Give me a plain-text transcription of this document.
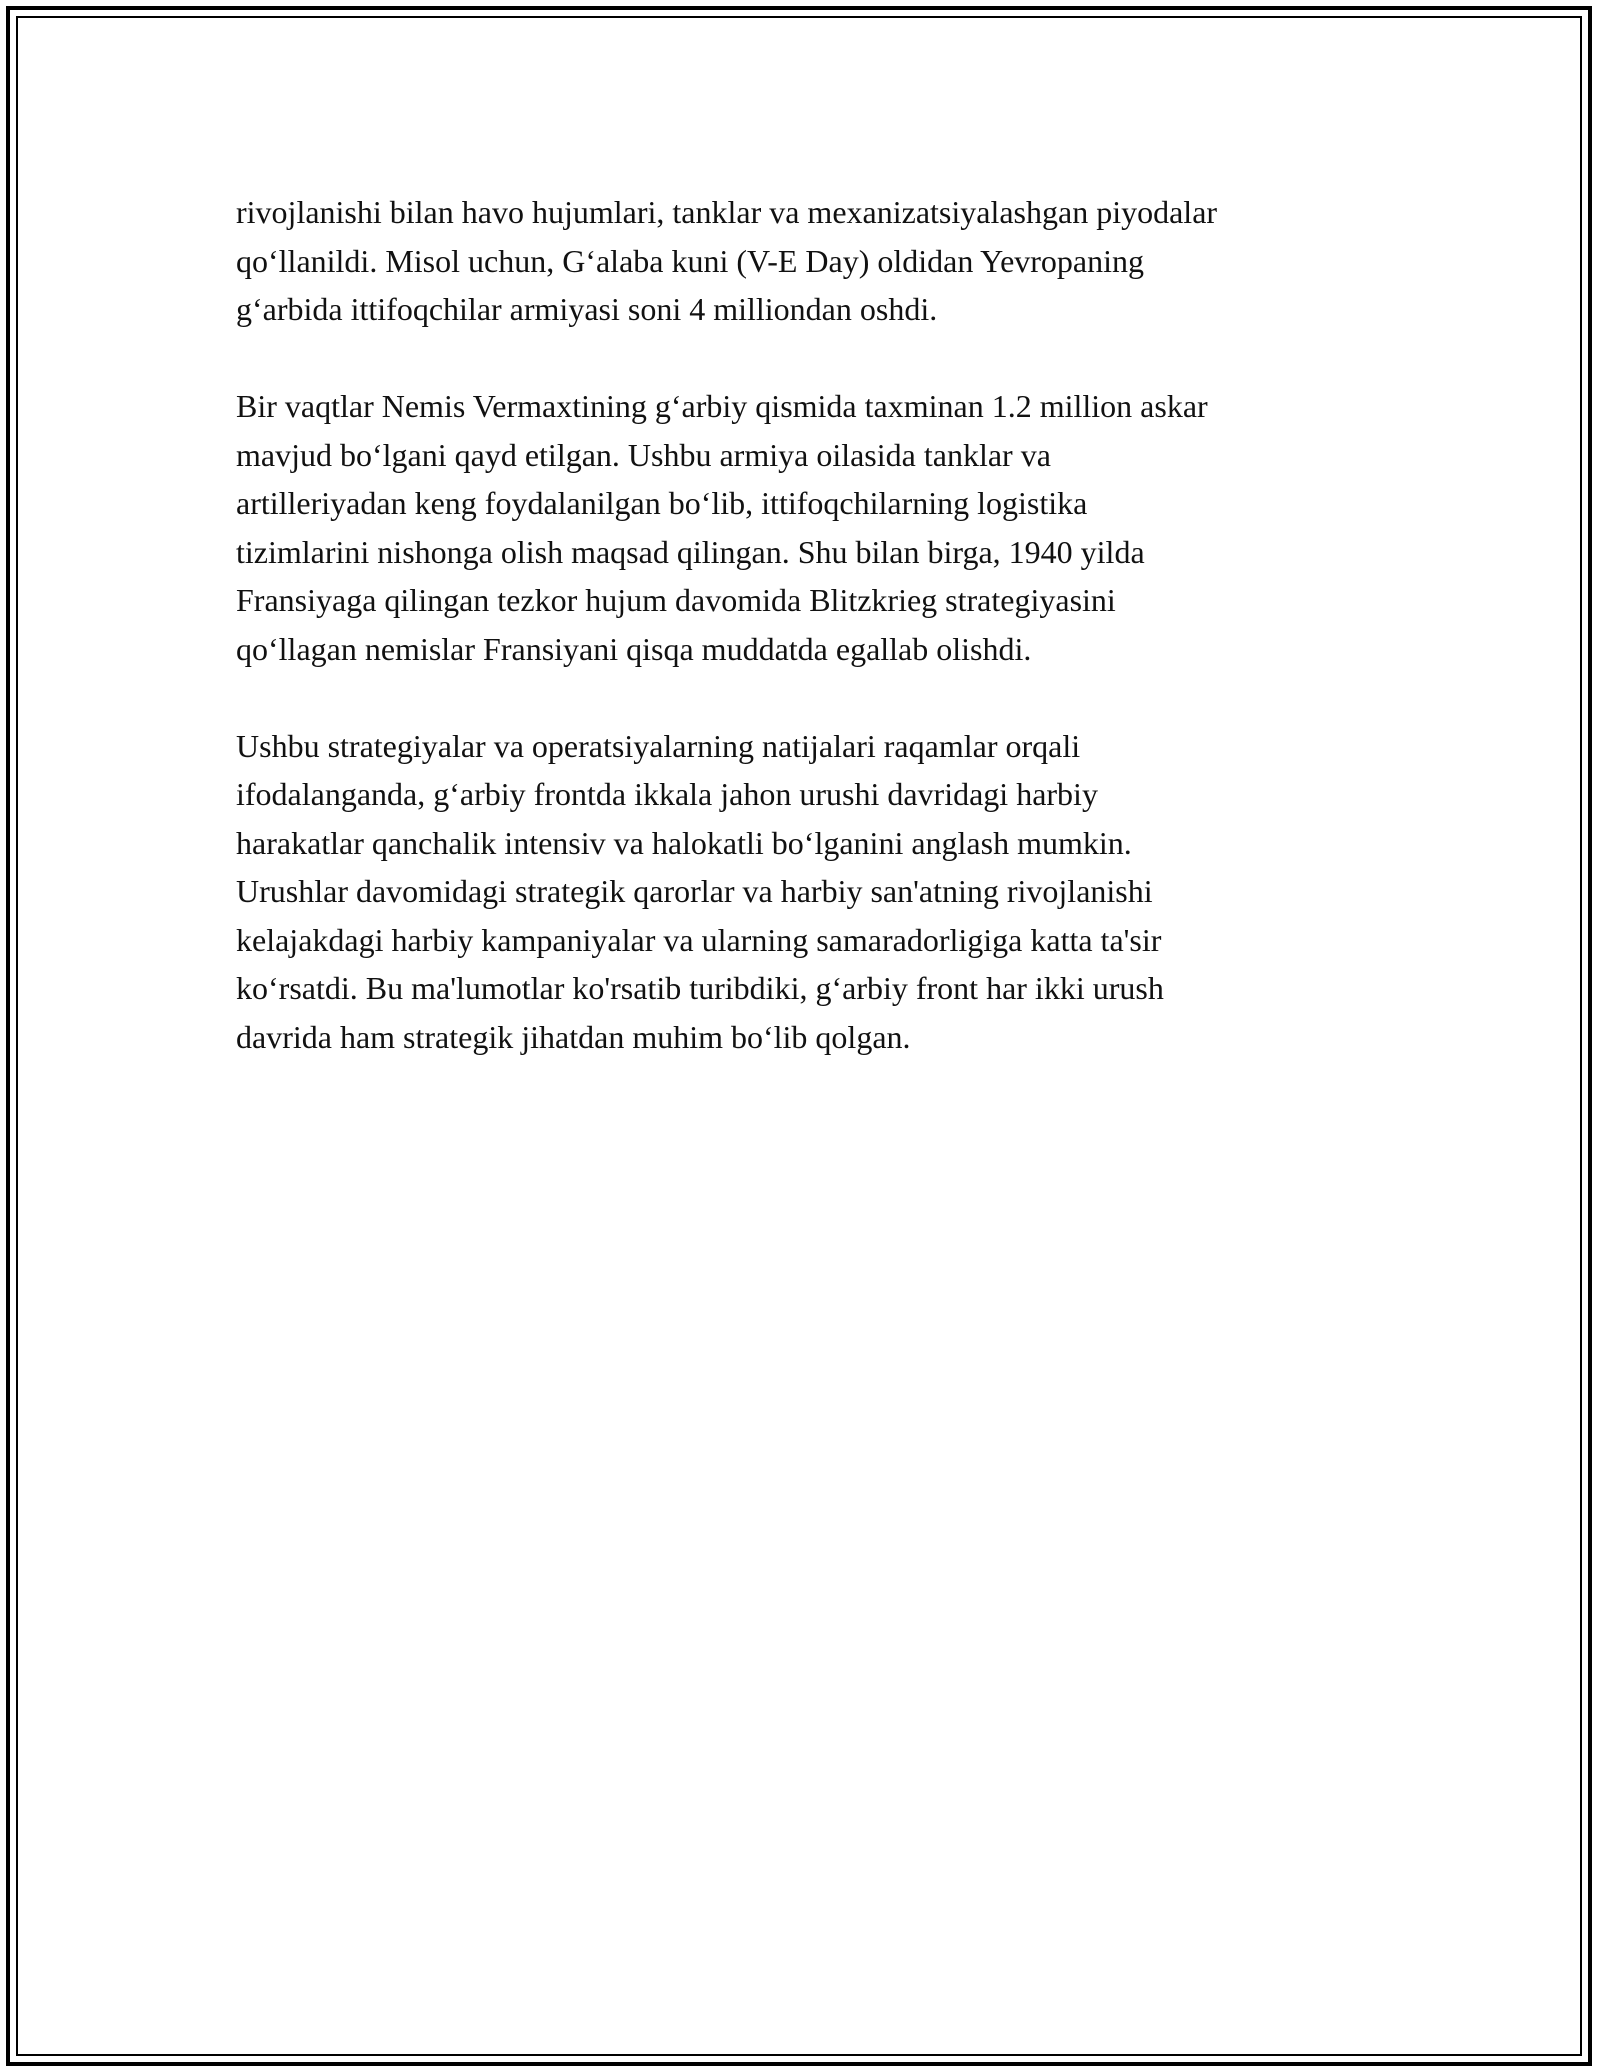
rivojlanishi bilan havo hujumlari, tanklar va mexanizatsiyalashgan piyodalar
qo‘llanildi. Misol uchun, G‘alaba kuni (V-E Day) oldidan Yevropaning
g‘arbida ittifoqchilar armiyasi soni 4 milliondan oshdi.

Bir vaqtlar Nemis Vermaxtining g‘arbiy qismida taxminan 1.2 million askar
mavjud bo‘lgani qayd etilgan. Ushbu armiya oilasida tanklar va
artilleriyadan keng foydalanilgan bo‘lib, ittifoqchilarning logistika
tizimlarini nishonga olish maqsad qilingan. Shu bilan birga, 1940 yilda
Fransiyaga qilingan tezkor hujum davomida Blitzkrieg strategiyasini
qo‘llagan nemislar Fransiyani qisqa muddatda egallab olishdi.

Ushbu strategiyalar va operatsiyalarning natijalari raqamlar orqali
ifodalanganda, g‘arbiy frontda ikkala jahon urushi davridagi harbiy
harakatlar qanchalik intensiv va halokatli bo‘lganini anglash mumkin.
Urushlar davomidagi strategik qarorlar va harbiy san'atning rivojlanishi
kelajakdagi harbiy kampaniyalar va ularning samaradorligiga katta ta'sir
ko‘rsatdi. Bu ma'lumotlar ko'rsatib turibdiki, g‘arbiy front har ikki urush
davrida ham strategik jihatdan muhim bo‘lib qolgan.
